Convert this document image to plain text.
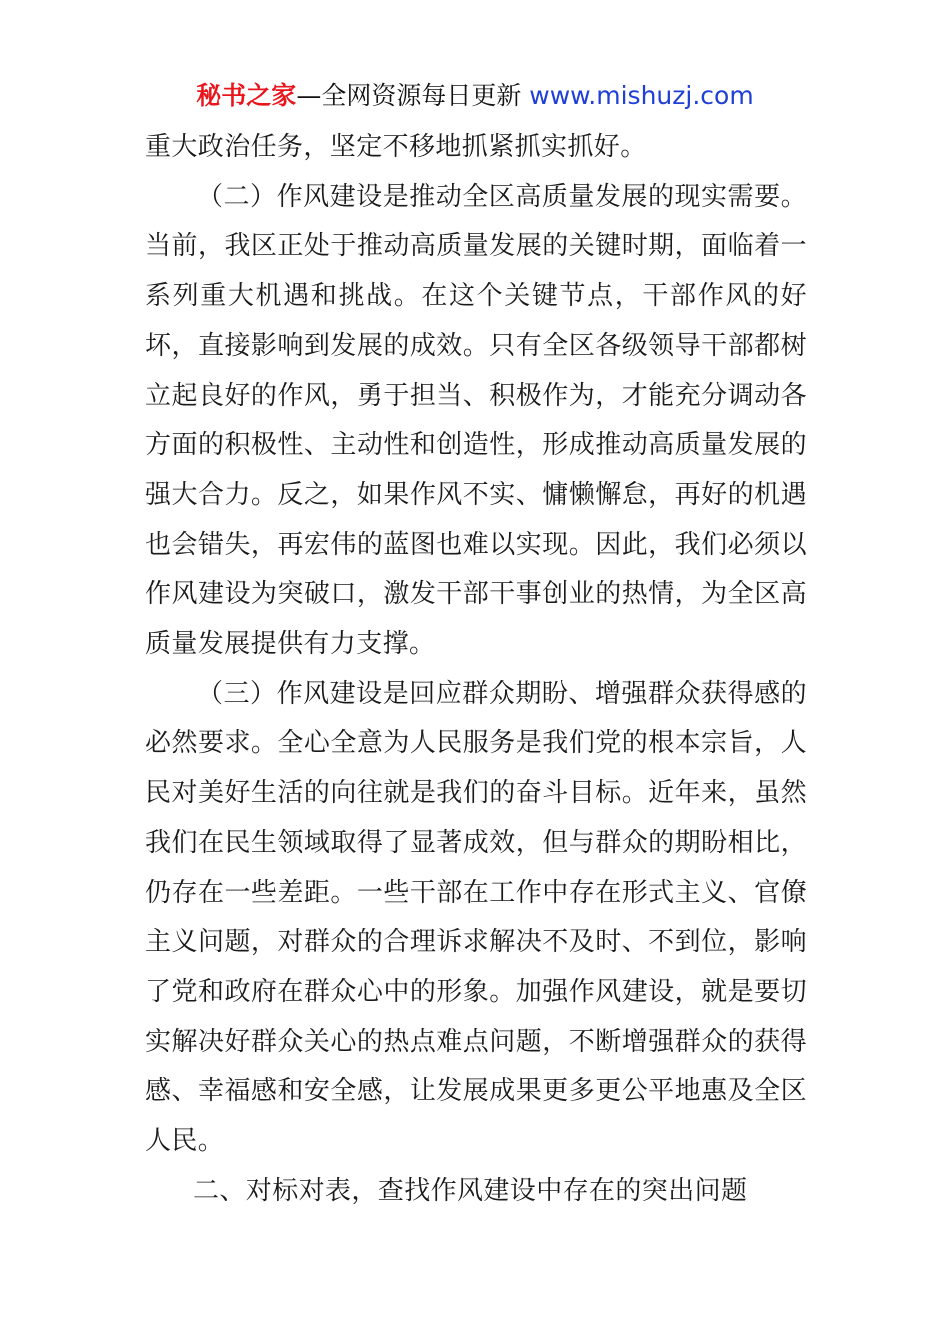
秘书之家—全网资源每日更新 www.mishuzj.com

重大政治任务，坚定不移地抓紧抓实抓好。

（二）作风建设是推动全区高质量发展的现实需要。当前，我区正处于推动高质量发展的关键时期，面临着一系列重大机遇和挑战。在这个关键节点，干部作风的好坏，直接影响到发展的成效。只有全区各级领导干部都树立起良好的作风，勇于担当、积极作为，才能充分调动各方面的积极性、主动性和创造性，形成推动高质量发展的强大合力。反之，如果作风不实、慵懒懈怠，再好的机遇也会错失，再宏伟的蓝图也难以实现。因此，我们必须以作风建设为突破口，激发干部干事创业的热情，为全区高质量发展提供有力支撑。

（三）作风建设是回应群众期盼、增强群众获得感的必然要求。全心全意为人民服务是我们党的根本宗旨，人民对美好生活的向往就是我们的奋斗目标。近年来，虽然我们在民生领域取得了显著成效，但与群众的期盼相比，仍存在一些差距。一些干部在工作中存在形式主义、官僚主义问题，对群众的合理诉求解决不及时、不到位，影响了党和政府在群众心中的形象。加强作风建设，就是要切实解决好群众关心的热点难点问题，不断增强群众的获得感、幸福感和安全感，让发展成果更多更公平地惠及全区人民。

二、对标对表，查找作风建设中存在的突出问题
